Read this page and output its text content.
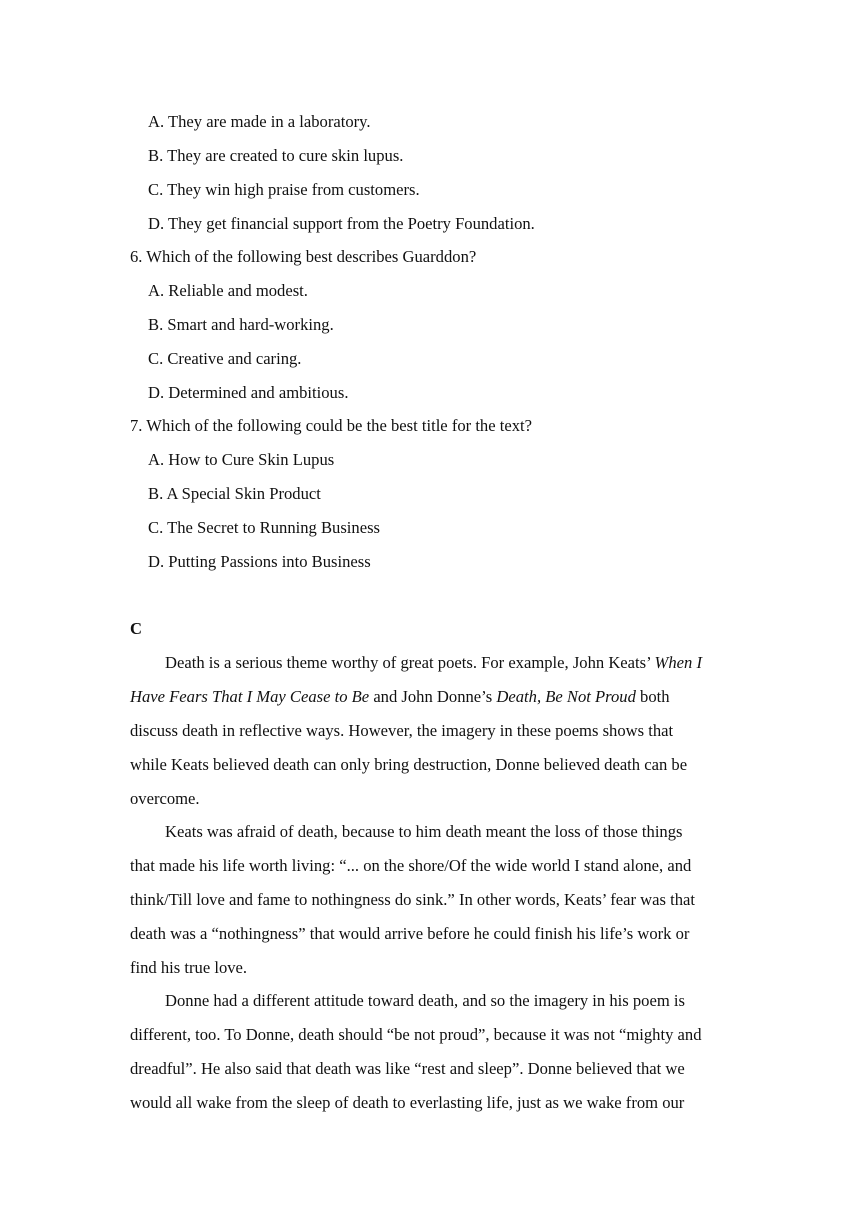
A. They are made in a laboratory.
B. They are created to cure skin lupus.
C. They win high praise from customers.
D. They get financial support from the Poetry Foundation.
6. Which of the following best describes Guarddon?
A. Reliable and modest.
B. Smart and hard-working.
C. Creative and caring.
D. Determined and ambitious.
7. Which of the following could be the best title for the text?
A. How to Cure Skin Lupus
B. A Special Skin Product
C. The Secret to Running Business
D. Putting Passions into Business
C
Death is a serious theme worthy of great poets. For example, John Keats’ When I
Have Fears That I May Cease to Be and John Donne’s Death, Be Not Proud both
discuss death in reflective ways. However, the imagery in these poems shows that
while Keats believed death can only bring destruction, Donne believed death can be
overcome.
Keats was afraid of death, because to him death meant the loss of those things
that made his life worth living: “... on the shore/Of the wide world I stand alone, and
think/Till love and fame to nothingness do sink.” In other words, Keats’ fear was that
death was a “nothingness” that would arrive before he could finish his life’s work or
find his true love.
Donne had a different attitude toward death, and so the imagery in his poem is
different, too. To Donne, death should “be not proud”, because it was not “mighty and
dreadful”. He also said that death was like “rest and sleep”. Donne believed that we
would all wake from the sleep of death to everlasting life, just as we wake from our
